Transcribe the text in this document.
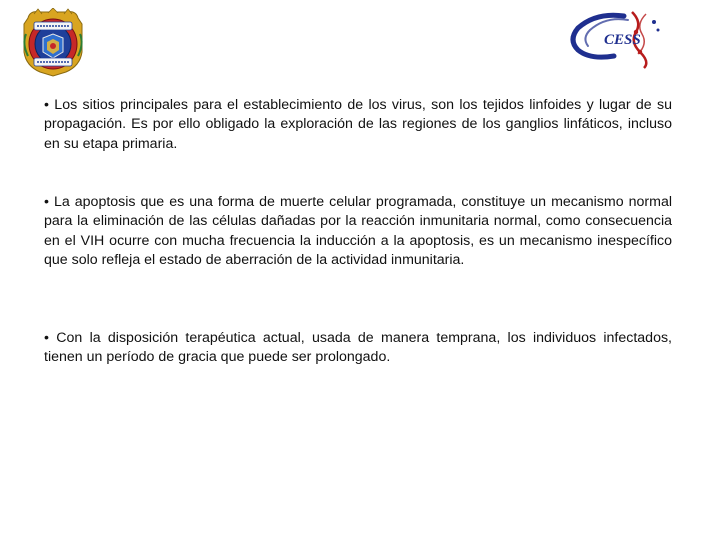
CESS

• Los sitios principales para el establecimiento de los virus, son los tejidos linfoides y lugar de su propagación. Es por ello obligado la exploración de las regiones de los ganglios linfáticos, incluso en su etapa primaria.

• La apoptosis que es una forma de muerte celular programada, constituye un mecanismo normal para la eliminación de las células dañadas por la reacción inmunitaria normal, como consecuencia en el VIH ocurre con mucha frecuencia la inducción a la apoptosis, es un mecanismo inespecífico que solo refleja el estado de aberración de la actividad inmunitaria.

• Con la disposición terapéutica actual, usada de manera temprana, los individuos infectados, tienen un período de gracia que puede ser prolongado.
